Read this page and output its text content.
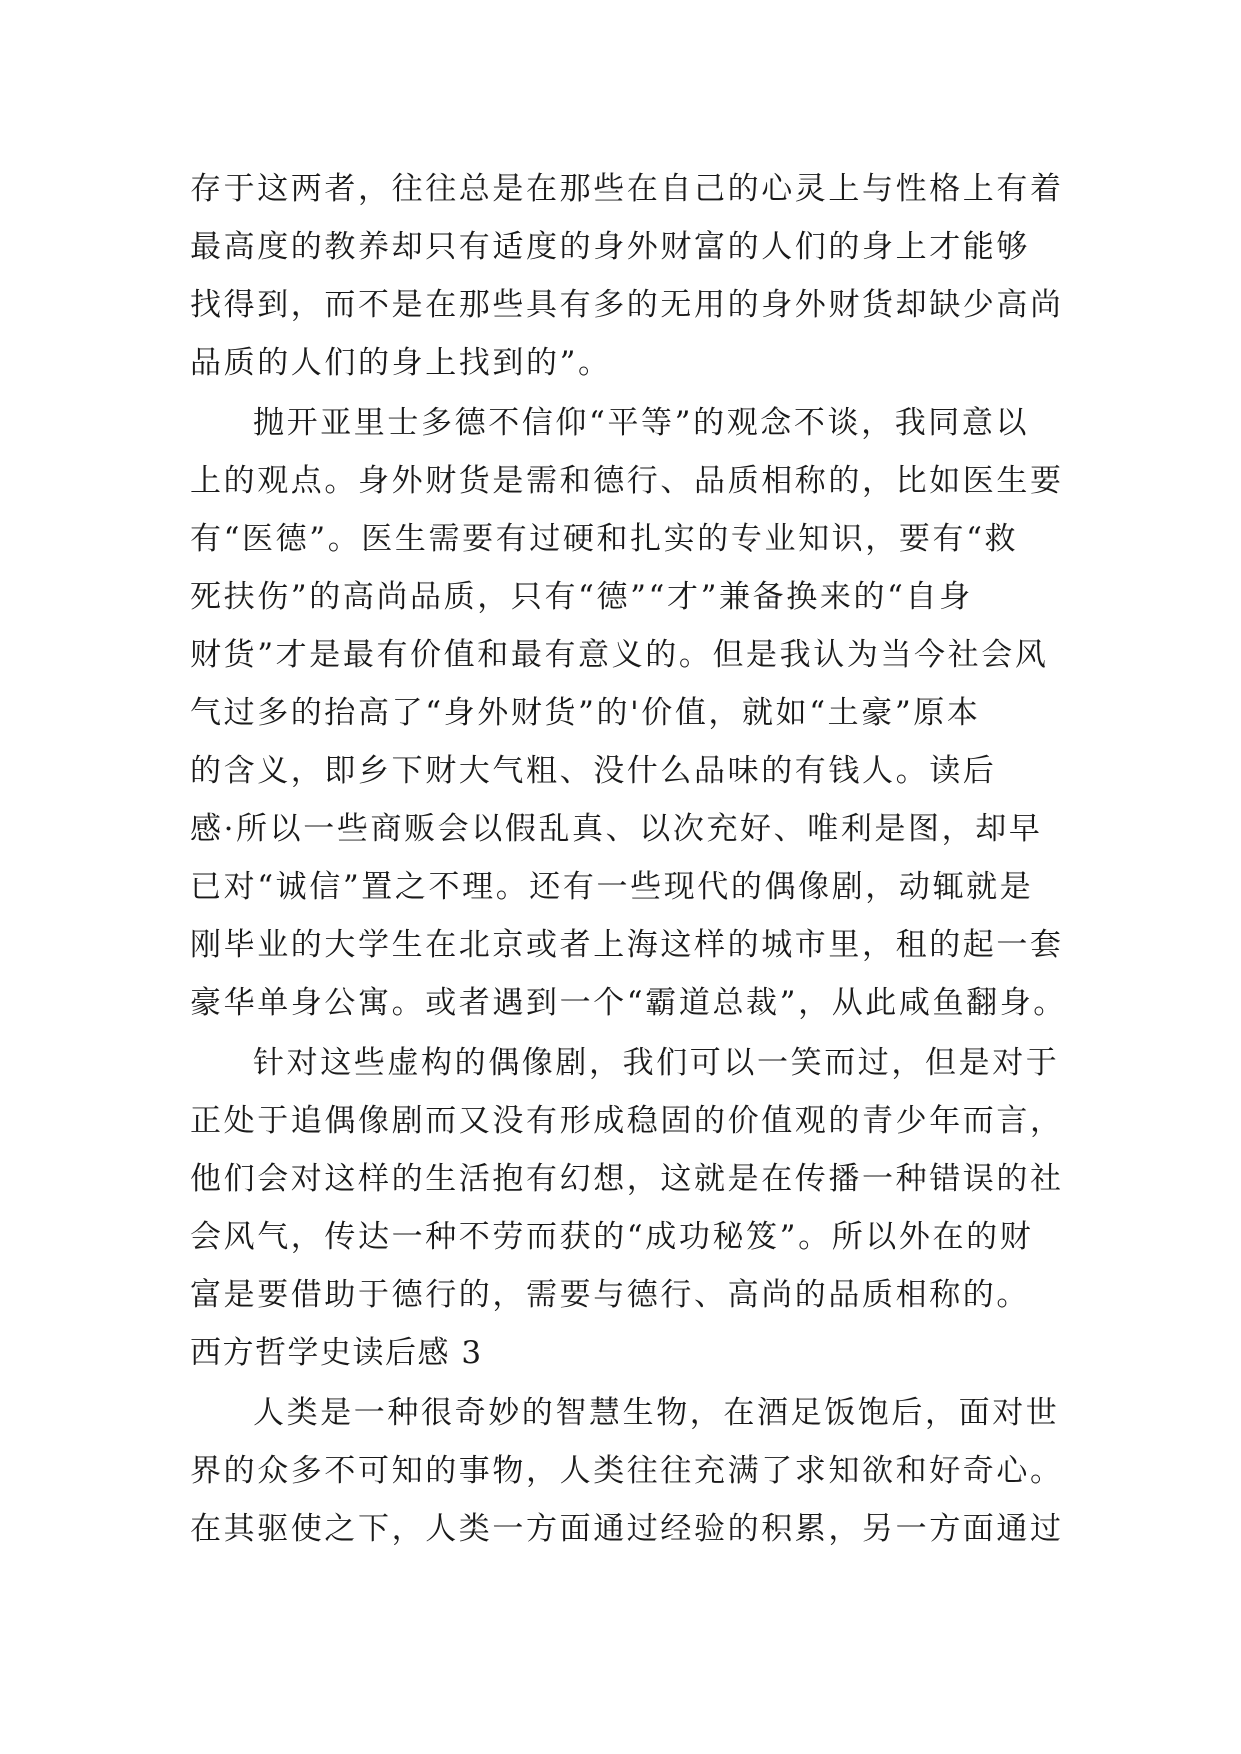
存于这两者，往往总是在那些在自己的心灵上与性格上有着
最高度的教养却只有适度的身外财富的人们的身上才能够
找得到，而不是在那些具有多的无用的身外财货却缺少高尚
品质的人们的身上找到的”。
抛开亚里士多德不信仰“平等”的观念不谈，我同意以
上的观点。身外财货是需和德行、品质相称的，比如医生要
有“医德”。医生需要有过硬和扎实的专业知识，要有“救
死扶伤”的高尚品质，只有“德”“才”兼备换来的“自身
财货”才是最有价值和最有意义的。但是我认为当今社会风
气过多的抬高了“身外财货”的'价值，就如“土豪”原本
的含义，即乡下财大气粗、没什么品味的有钱人。读后
感·所以一些商贩会以假乱真、以次充好、唯利是图，却早
已对“诚信”置之不理。还有一些现代的偶像剧，动辄就是
刚毕业的大学生在北京或者上海这样的城市里，租的起一套
豪华单身公寓。或者遇到一个“霸道总裁”，从此咸鱼翻身。
针对这些虚构的偶像剧，我们可以一笑而过，但是对于
正处于追偶像剧而又没有形成稳固的价值观的青少年而言，
他们会对这样的生活抱有幻想，这就是在传播一种错误的社
会风气，传达一种不劳而获的“成功秘笈”。所以外在的财
富是要借助于德行的，需要与德行、高尚的品质相称的。
西方哲学史读后感 3
人类是一种很奇妙的智慧生物，在酒足饭饱后，面对世
界的众多不可知的事物，人类往往充满了求知欲和好奇心。
在其驱使之下，人类一方面通过经验的积累，另一方面通过
